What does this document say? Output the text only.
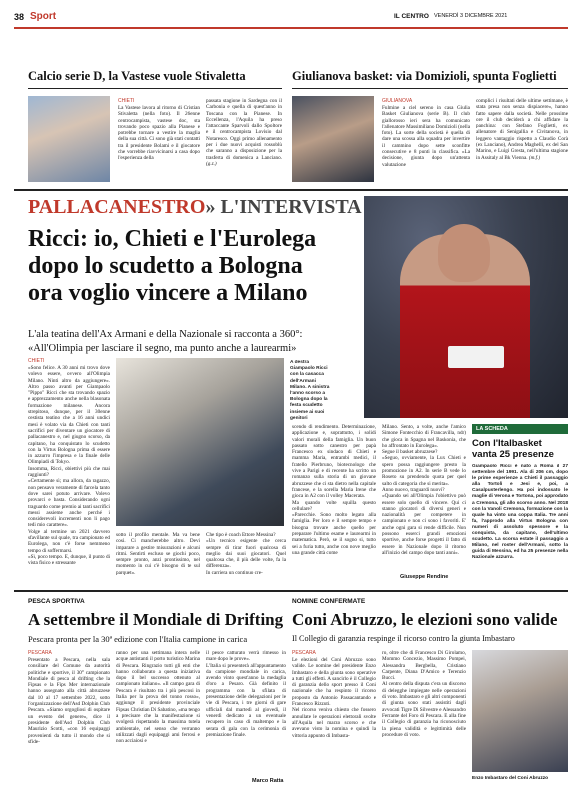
38 Sport	IL CENTRO VENERDÌ 3 DICEMBRE 2021
Calcio serie D, la Vastese vuole Stivaletta
CHIETI
La Vastese lavora al ritorno di Cristian Stivaletta (nella foto). Il 26enne centrocampista, vastese doc, sta trovando poco spazio alla Pianese e potrebbe tornare a vestire la maglia della sua città. Ci sono già stati contatti tra il presidente Bolami e il giocatore che vorrebbe riavvicinarsi a casa dopo l'esperienza della
passata stagione in Sardegna con il Carbonia e quella di quest'anno in Toscana con la Pianese. In Eccellenza, l'Aquila ha preso l'attaccante Sparvoli dallo Spoltore e il centrocampista Lovisio dal Notaresco. Oggi primo allenamento per i due nuovi acquisti rossoblù che saranno a disposizione per la trasferta di domenica a Lanciano. (g.z.)
Giulianova basket: via Domizioli, spunta Foglietti
GIULIANOVA
Fulmine a ciel sereno in casa Giulia Basket Giulianova (serie B). Il club giallorosso ieri sera ha comunicato l'allenatore Massimiliano Domizioli (nella foto). La sorte della società è quella di dare una scossa alla squadra per invertire il cammino dopo sette sconfitte consecutive e 8 punti in classifica. «La decisione, giunta dopo un'attenta valutazione
complici i risultati delle ultime settimane, è stata presa non senza dispiacere», hanno fatto sapere dalla società. Nelle prossime ore il club deciderà a chi affidare la panchina: con Stefano Foglietti, ex allenatore di Senigallia e Civitanova, in leggero vantaggio rispetto a Claudio Corà (ex Lanciano), Andrea Maghelli, ex del San Marino, e Luigi Gresta, nell'ultima stagione in Assitaly al Bk Vienna. (m.f.)
PALLACANESTRO» L'INTERVISTA
Ricci: io, Chieti e l'Eurolega
dopo lo scudetto a Bologna
ora voglio vincere a Milano
L'ala teatina dell'Ax Armani e della Nazionale si racconta a 360°:
«All'Olimpia per lasciare il segno, ma punto anche a laurearmi»
CHIETI
«Sono felice. A 30 anni mi trovo dove volevo essere, ovvero all'Olimpia Milano. Ninti altro da aggiungere». Altro passo avanti per Giampaolo "Pippo" Ricci che sta trovando spazio e apprezzamento anche nella blasonata formazione milanese. Ancora strepitoso, dunque, per il 30enne cestista teatino che a 16 anni undici mesi è volato via da Chieti con tanti sacrifici per diventare un giocatore di pallacanestro e, nel giugno scorso, da capitano, ha conquistato lo scudetto con la Virtus Bologna prima di essere in azzurro l'impresa e la finale delle Olimpiadi di Tokyo.
Insomma, Ricci, obiettivi più che mai raggiunti?
«Certamente sì; ma allora, da ragazzo, non pensavo veramente di farcela tanto dove sarei potuto arrivare. Volevo provarci e basta. Considerando ogni traguardo come premio ai tanti sacrifici messi assieme anche perché i considerevoli incrementi non li pago tedi mio carattere».
Volge al termine un 2021 davvero sfavillante sul quale, tra campionato ed Eurolega, non c'è forse nemmeno tempo di soffermarsi.
«Sì, poco tempo. E, dunque, il punto di vista fisico e stressante
A destra Giampaolo Ricci con la casacca dell'Armani Milano. A sinistra l'anno scorso a Bologna dopo la festa scudetto insieme ai suoi genitori
sotto il profilo mentale. Ma va bene così. Ci mancherebbe altro. Devi imparare a gestire misurazioni e alcuni ritmi. Sentirti escluso se giochi poco, sempre pronto, anzi prontissimo, nel momento in cui c'è bisogno di te sul parquet».
Che tipo è coach Ettore Messina?
«Un tecnico esigente che cerca sempre di tirar fuori qualcosa di meglio dai suoi giocatori. Quel qualcosa che, il più delle volte, fa la differenza».
In carriera un continuo cre-
scendo di rendimento. Determinazione, applicazione e, soprattutto, i solidi valori morali della famiglia. Un buon passato sotto canestro per papà Francesco ex sindaco di Chieti e mamma Maria, entrambi medici, il fratello Pierbruno, biotecnologo che vive a Parigi e di recente ha scritto un romanzo sulla storia di un giovane abruzzese che ci sta dietro nella capitale francese, e la sorella Maria Irene che gioca in A2 con il volley Macerata.
Ma quando volte squilla questo cellulare?
«Parecchie. Sono molto legato alla famiglia. Per loro e il sempre tempo e bisogna trovare anche quello per preparare l'ultimo esame e laurearmi in matematica. Però, se il sogno si, tutto sei a furia tutto, anche con nove meglio una grande città come
Milano. Sento, a volte, anche l'amico Simone Fontecchio di Francavilla, ndr) che gioca in Spagna nel Baskonia, che ho affrontato in Eurolega».
Segue il basket abruzzese?
«Seguo, ovviamente, la Lux Chieti e spero possa raggiungere presto la promozione in A2. In serie B vede lo Roseto su prendendo quota per quel salto di categoria che si merita».
Anno nuovo, traguardi nuovi?
«Quando sei all'Olimpia l'obiettivo può essere solo quello di vincere. Qui ci stanno giocatori di diversi generi e nazionalità per competere in campionato e non ci sono i favoriti. E' anche ogni gara si rende difficile. Non possono esserci grandi emozioni sportive, anche forse progetti il fatto di essere in Nazionale dopo il ritorno all'inizio del campo dopo tanti anni».
Giuseppe Rendine
LA SCHEDA
Con l'Italbasket
vanta 25 presenze
Giampaolo Ricci è nato a Roma il 27 settembre del 1991. Ala di 206 cm, dopo le prime esperienze a Chieti il passaggio alla Tortolì e Jesi e, poi, a Casalpusterlengo. Ha poi indossato le maglie di Verona e Tortona, poi approdato a Cremona, gli allo scorso anno. Nel 2018 con la Vanoli Cremona, formazione con la quale ha vinto una coppa Italia. Tre anni fa, l'approdo alla Virtus Bologna con numeri di assoluto spessore e la conquista, da capitano, dell'ultimo scudetto. La scorsa estate il passaggio a Milano, nel roster dell'Armani, sotto la guida di Messina, ed ha 25 presenze nella Nazionale azzurra.
PESCA SPORTIVA
A settembre il Mondiale di Drifting
Pescara pronta per la 30ª edizione con l'Italia campione in carica
PESCARA
Presentato a Pescara, nella sala consiliare del Comune da autorità politiche e sportive, il 30° campionato Mondiale di pesca al drifting che la Fipsas e la Fips Mer internazionale hanno assegnato alla città abruzzese dal 10 al 17 settembre 2022, sotto l'organizzazione dell'Asd Dolphin Club Pescara. «Siamo orgogliosi di ospitare un evento del genere», dice il presidente dell'Asd Dolphin Club Maurizio Scotti, «con 16 equipaggi provenienti da tutto il mondo che si sfide-
ranno per una settimana intera nelle acque antistanti il porto turistico Marina di Pescara. Ringrazio tutti gli enti che hanno collaborato a questa iniziativa dopo il bel successo ottenuto al campionato italiano». «Il campo gara di Pescara è risultato tra i più pescosi in Italia per la prova del tonno rosso», aggiunge il presidente provinciale Fipsas Christian Di Sabatino, «ma tengo a precisare che la manifestazione si svolgerà rispettando la massima tutela ambientale, nel senso che verranno utilizzati dagli equipaggi ami ferrosi e non acciaiosi e
il pesce catturato verrà rimesso in mare dopo le prove».
L'Italia si presenterà all'appuntamento da campione mondiale in carica, avendo vinto quest'anno la medaglia d'oro a Pesaro. Già definito il programma con la sfilata di presentazione delle delegazioni per le vie di Pescara, i tre giorni di gare ufficiali dal martedì al giovedì, il venerdì dedicato a un eventuale recupero in caso di maltempo e la serata di gala con la cerimonia di premiazione finale.
Marco Ratta
NOMINE CONFERMATE
Coni Abruzzo, le elezioni sono valide
Il Collegio di garanzia respinge il ricorso contro la giunta Imbastaro
PESCARA
Le elezioni del Coni Abruzzo sono valide. Le nomine del presidente Enzo Imbastaro e della giunta sono operative a tutti gli effetti. A sancirlo è il Collegio di garanzia dello sport presso il Coni nazionale che ha respinto il ricorso proposto da Antonio Passacantando e Francesco Rizzuti.
Nel ricorso veniva chiesto che fossero annullate le operazioni elettorali svolte all'Aquila nel marzo scorso e che avevano visto la nomina e quindi la vittoria appunto di Imbasta-
ro, oltre che di Francesco Di Girolamo, Mommo Concezio, Massimo Pompei, Alessandra Bergbella, Cristiano Carpente, Diana D'Amico e Terenzio Bucci.
Al centro della disputa c'era un discorso di delegghe impiegate nelle operazioni di voto. Imbastaro e gli altri componenti di giunta sono stati assistiti dagli avvocati Tigre Di Silvestre e Alessandro Ferrante del Foro di Pescara. E alla fine il Collegio di garanzia ha riconosciuto la piena validità e legittimità delle procedure di voto.
Enzo Imbastaro del Coni Abruzzo
